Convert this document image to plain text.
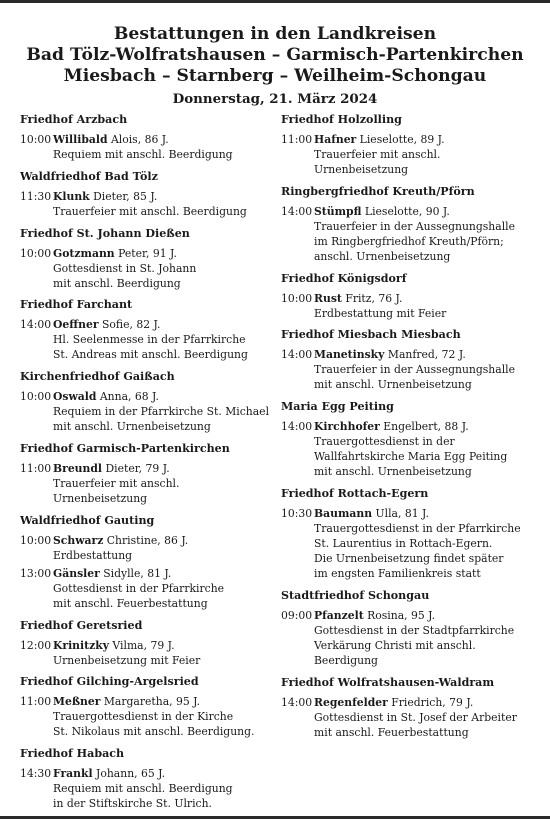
Bestattungen in den Landkreisen
Bad Tölz-Wolfratshausen – Garmisch-Partenkirchen
Miesbach – Starnberg – Weilheim-Schongau
Donnerstag, 21. März 2024
Friedhof Arzbach
10:00 Willibald Alois, 86 J.
Requiem mit anschl. Beerdigung
Waldfriedhof Bad Tölz
11:30 Klunk Dieter, 85 J.
Trauerfeier mit anschl. Beerdigung
Friedhof St. Johann Dießen
10:00 Gotzmann Peter, 91 J.
Gottesdienst in St. Johann
mit anschl. Beerdigung
Friedhof Farchant
14:00 Oeffner Sofie, 82 J.
Hl. Seelenmesse in der Pfarrkirche
St. Andreas mit anschl. Beerdigung
Kirchenfriedhof Gaißach
10:00 Oswald Anna, 68 J.
Requiem in der Pfarrkirche St. Michael
mit anschl. Urnenbeisetzung
Friedhof Garmisch-Partenkirchen
11:00 Breundl Dieter, 79 J.
Trauerfeier mit anschl.
Urnenbeisetzung
Waldfriedhof Gauting
10:00 Schwarz Christine, 86 J.
Erdbestattung
13:00 Gänsler Sidylle, 81 J.
Gottesdienst in der Pfarrkirche
mit anschl. Feuerbestattung
Friedhof Geretsried
12:00 Krinitzky Vilma, 79 J.
Urnenbeisetzung mit Feier
Friedhof Gilching-Argelsried
11:00 Meßner Margaretha, 95 J.
Trauergottesdienst in der Kirche
St. Nikolaus mit anschl. Beerdigung.
Friedhof Habach
14:30 Frankl Johann, 65 J.
Requiem mit anschl. Beerdigung
in der Stiftskirche St. Ulrich.
Friedhof Holzolling
11:00 Hafner Lieselotte, 89 J.
Trauerfeier mit anschl.
Urnenbeisetzung
Ringbergfriedhof Kreuth/Pförn
14:00 Stümpfl Lieselotte, 90 J.
Trauerfeier in der Aussegnungshalle
im Ringbergfriedhof Kreuth/Pförn;
anschl. Urnenbeisetzung
Friedhof Königsdorf
10:00 Rust Fritz, 76 J.
Erdbestattung mit Feier
Friedhof Miesbach Miesbach
14:00 Manetinsky Manfred, 72 J.
Trauerfeier in der Aussegnungshalle
mit anschl. Urnenbeisetzung
Maria Egg Peiting
14:00 Kirchhofer Engelbert, 88 J.
Trauergottesdienst in der
Wallfahrtskirche Maria Egg Peiting
mit anschl. Urnenbeisetzung
Friedhof Rottach-Egern
10:30 Baumann Ulla, 81 J.
Trauergottesdienst in der Pfarrkirche
St. Laurentius in Rottach-Egern.
Die Urnenbeisetzung findet später
im engsten Familienkreis statt
Stadtfriedhof Schongau
09:00 Pfanzelt Rosina, 95 J.
Gottesdienst in der Stadtpfarrkirche
Verkärung Christi mit anschl.
Beerdigung
Friedhof Wolfratshausen-Waldram
14:00 Regenfelder Friedrich, 79 J.
Gottesdienst in St. Josef der Arbeiter
mit anschl. Feuerbestattung
